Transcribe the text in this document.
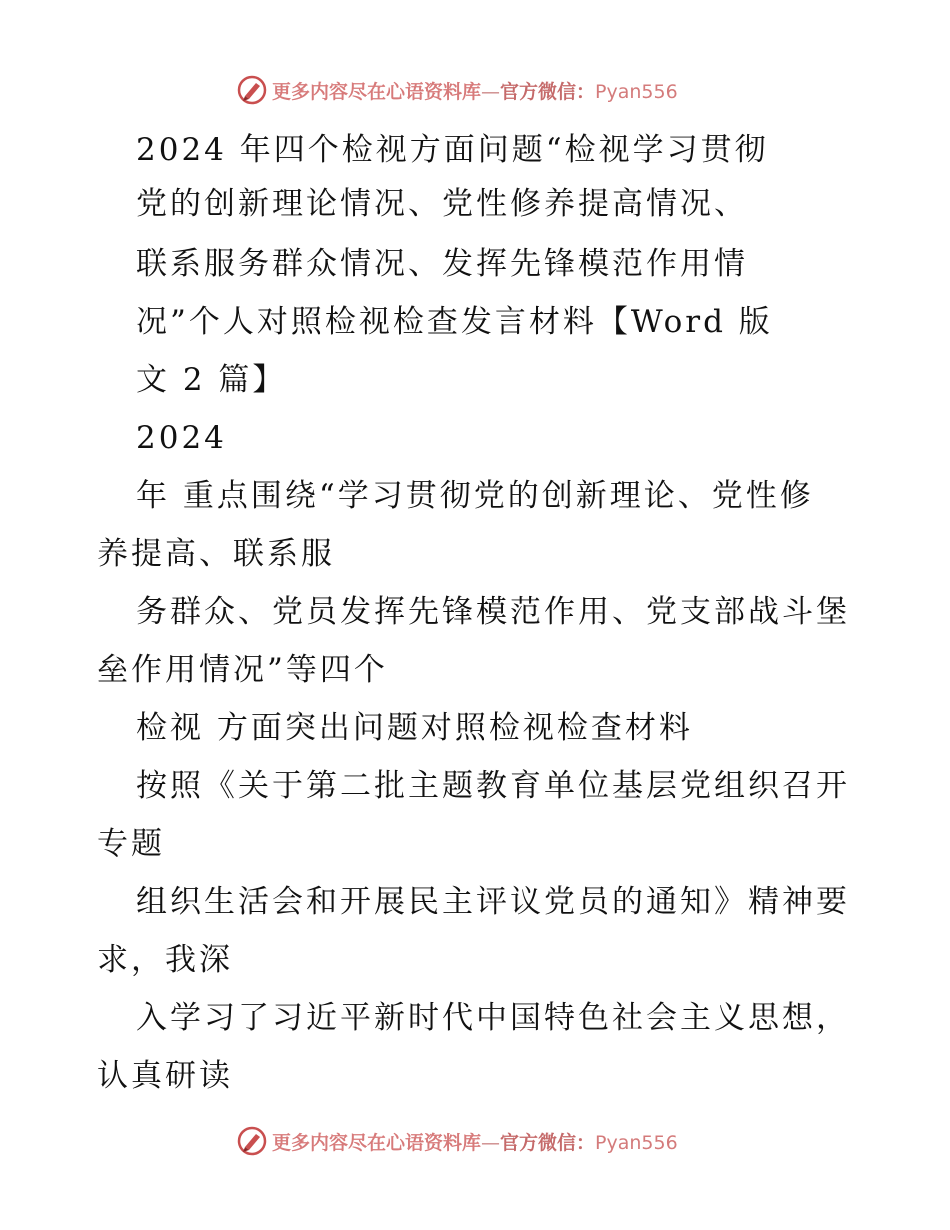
更多内容尽在心语资料库—官方微信：Pyan556
2024 年四个检视方面问题“检视学习贯彻
党的创新理论情况、党性修养提高情况、
联系服务群众情况、发挥先锋模范作用情
况”个人对照检视检查发言材料【Word 版
文 2 篇】
2024
年 重点围绕“学习贯彻党的创新理论、党性修
养提高、联系服
务群众、党员发挥先锋模范作用、党支部战斗堡
垒作用情况”等四个
检视 方面突出问题对照检视检查材料
按照《关于第二批主题教育单位基层党组织召开
专题
组织生活会和开展民主评议党员的通知》精神要
求，我深
入学习了习近平新时代中国特色社会主义思想，
认真研读
更多内容尽在心语资料库—官方微信：Pyan556
